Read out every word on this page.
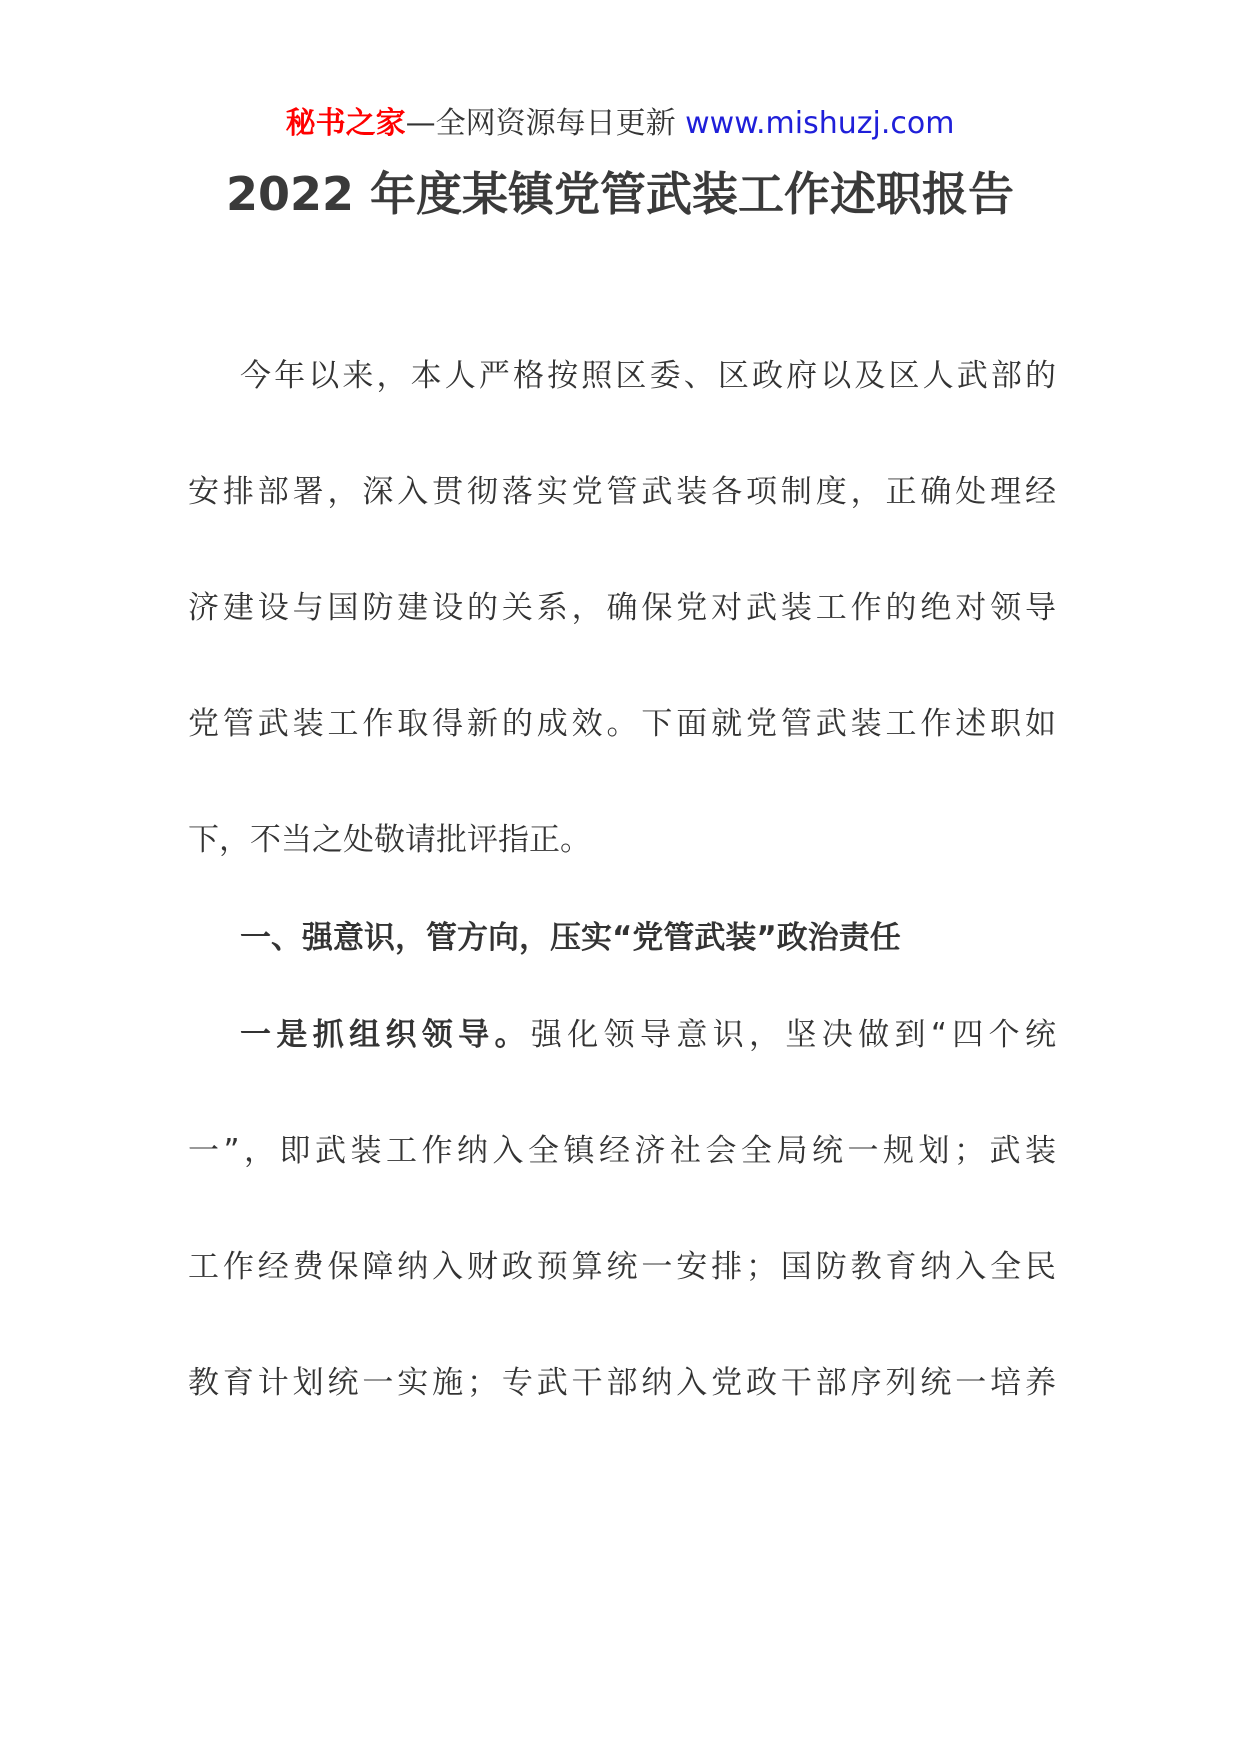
秘书之家—全网资源每日更新 www.mishuzj.com
2022 年度某镇党管武装工作述职报告
今年以来，本人严格按照区委、区政府以及区人武部的
安排部署，深入贯彻落实党管武装各项制度，正确处理经
济建设与国防建设的关系，确保党对武装工作的绝对领导
党管武装工作取得新的成效。下面就党管武装工作述职如
下，不当之处敬请批评指正。
一、强意识，管方向，压实“党管武装”政治责任
一是抓组织领导。强化领导意识，坚决做到“四个统
一”，即武装工作纳入全镇经济社会全局统一规划；武装
工作经费保障纳入财政预算统一安排；国防教育纳入全民
教育计划统一实施；专武干部纳入党政干部序列统一培养
